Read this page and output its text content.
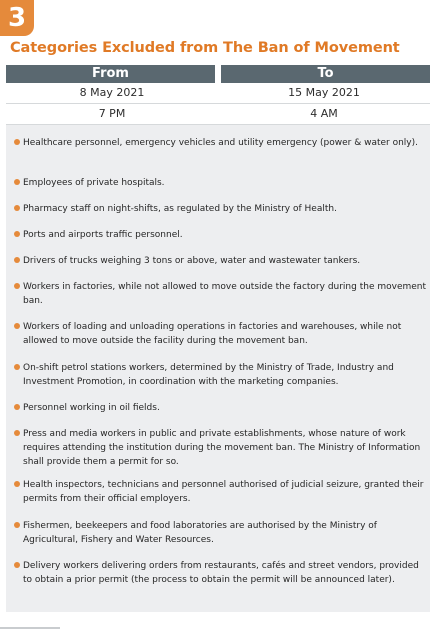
3
Categories Excluded from The Ban of Movement
From	To
8 May 2021	15 May 2021
7 PM	4 AM
Healthcare personnel, emergency vehicles and utility emergency (power & water only).
Employees of private hospitals.
Pharmacy staff on night-shifts, as regulated by the Ministry of Health.
Ports and airports traffic personnel.
Drivers of trucks weighing 3 tons or above, water and wastewater tankers.
Workers in factories, while not allowed to move outside the factory during the movement ban.
Workers of loading and unloading operations in factories and warehouses, while not allowed to move outside the facility during the movement ban.
On-shift petrol stations workers, determined by the Ministry of Trade, Industry and Investment Promotion, in coordination with the marketing companies.
Personnel working in oil fields.
Press and media workers in public and private establishments, whose nature of work requires attending the institution during the movement ban. The Ministry of Information shall provide them a permit for so.
Health inspectors, technicians and personnel authorised of judicial seizure, granted their permits from their official employers.
Fishermen, beekeepers and food laboratories are authorised by the Ministry of Agricultural, Fishery and Water Resources.
Delivery workers delivering orders from restaurants, cafés and street vendors, provided to obtain a prior permit (the process to obtain the permit will be announced later).
